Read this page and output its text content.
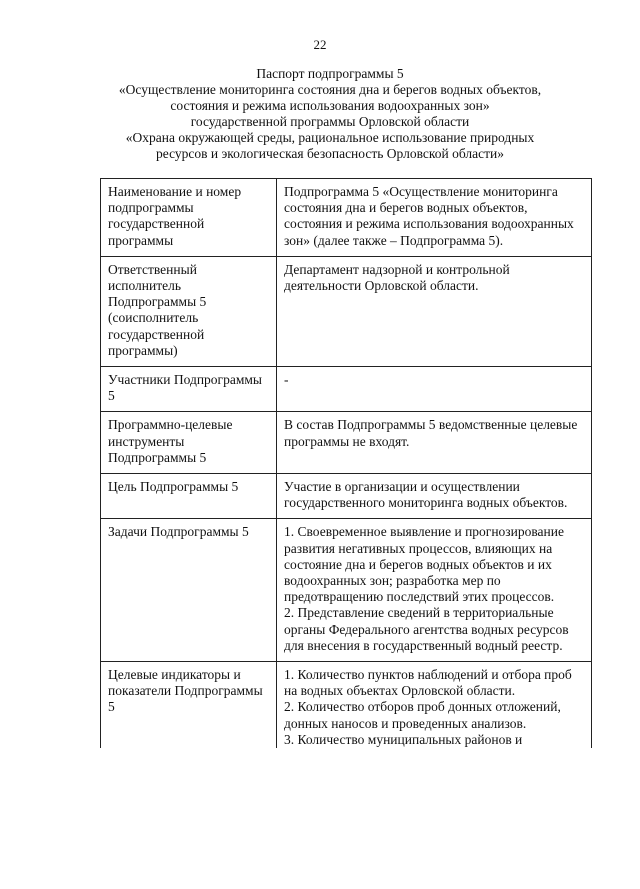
22
Паспорт подпрограммы 5
«Осуществление мониторинга состояния дна и берегов водных объектов,
состояния и режима использования водоохранных зон»
государственной программы Орловской области
«Охрана окружающей среды, рациональное использование природных
ресурсов и экологическая безопасность Орловской области»
Наименование и номер подпрограммы государственной программы	Подпрограмма 5 «Осуществление мониторинга состояния дна и берегов водных объектов, состояния и режима использования водоохранных зон» (далее также – Подпрограмма 5).

Ответственный исполнитель Подпрограммы 5 (соисполнитель государственной программы)	Департамент надзорной и контрольной деятельности Орловской области.

Участники Подпрограммы 5	-

Программно-целевые инструменты Подпрограммы 5	В состав Подпрограммы 5 ведомственные целевые программы не входят.

Цель Подпрограммы 5	Участие в организации и осуществлении государственного мониторинга водных объектов.

Задачи Подпрограммы 5	1. Своевременное выявление и прогнозирование развития негативных процессов, влияющих на состояние дна и берегов водных объектов и их водоохранных зон; разработка мер по предотвращению последствий этих процессов.
2. Представление сведений в территориальные органы Федерального агентства водных ресурсов для внесения в государственный водный реестр.

Целевые индикаторы и показатели Подпрограммы 5	1. Количество пунктов наблюдений и отбора проб на водных объектах Орловской области.
2. Количество отборов проб донных отложений, донных наносов и проведенных анализов.
3. Количество муниципальных районов и
